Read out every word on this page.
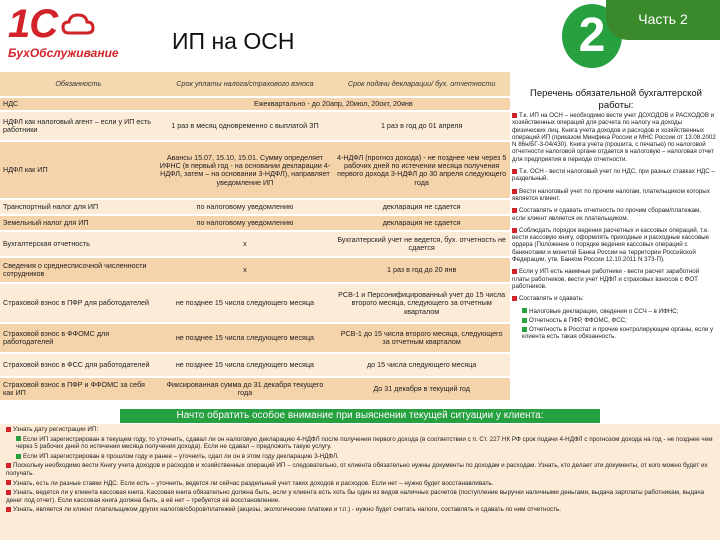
1С
БухОбслуживание	ИП на ОСН	2	Часть 2
Обязанность	Срок уплаты налога/страхового взноса	Срок подачи декларации/ бух. отчетности
НДС	Ежеквартально - до 20апр, 20июл, 20окт, 20янв	
НДФЛ как налоговый агент – если у ИП есть работники	1 раз в месяц одновременно с выплатой ЗП	1 раз в год до 01 апреля
НДФЛ как ИП	Авансы 15.07, 15.10, 15.01. Сумму определяет ИФНС (в первый год - на основании декларации 4-НДФЛ, затем – на основании 3-НДФЛ), направляет уведомление ИП	4-НДФЛ (прогноз дохода) - не позднее чем через 5 рабочих дней по истечении месяца получения первого дохода 3-НДФЛ до 30 апреля следующего года
Транспортный налог для ИП	по налоговому уведомлению	декларация не сдается
Земельный налог для ИП	по налоговому уведомлению	декларация не сдается
Бухгалтерская отчетность	х	Бухгалтерский учет не ведется, бух. отчетность не сдается
Сведения о среднесписочной численности сотрудников	х	1 раз в год до 20 янв
Страховой взнос в ПФР для работодателей	не позднее 15 числа следующего месяца	РСВ-1 и Персонифицированный учет до 15 числа второго месяца, следующего за отчетным кварталом
Страховой взнос в ФФОМС для работодателей	не позднее 15 числа следующего месяца	РСВ-1 до 15 числа второго месяца, следующего за отчетным кварталом
Страховой взнос в ФСС для работодателей	не позднее 15 числа следующего месяца	до 15 числа следующего месяца
Страховой взнос в ПФР и ФФОМС за себя как ИП	Фиксированная сумма до 31 декабря текущего года	До 31 декабря в текущий год
Перечень обязательной бухгалтерской работы:
Т.к. ИП на ОСН – необходимо вести учет ДОХОДОВ и РАСХОДОВ и хозяйственных операций для расчета по налогу на доходы физических лиц. Книга учета доходов и расходов и хозяйственных операций ИП (приказом Минфина России и МНС России от 13.08.2002 N 86н/БГ-3-04/430). Книга учета (прошита, с печатью) по налоговой отчетности налоговой органе отдается в налоговую – налоговая отчет для предприятия в периоде отчетности.
Т.к. ОСН - вести налоговый учет по НДС, при разных ставках НДС – раздельный.
Вести налоговый учет по прочим налогам, плательщиком которых является клиент.
Составлять и сдавать отчетность по прочим сборам/платежам, если клиент является их плательщиком.
Соблюдать порядок ведения расчетных и кассовых операций, т.е. вести кассовую книгу, оформлять приходные и расходные кассовые ордера (Положение о порядке ведения кассовых операций с банкнотами и монетой Банка России на территории Российской Федерации, утв. Банком России 12.10.2011 N 373-П).
Если у ИП есть наемные работники - вести расчет заработной платы работников, вести учет НДФЛ и страховых взносов с ФОТ работников.
Составлять и сдавать:
Налоговые декларации, сведения о ССЧ – в ИФНС;
Отчетность в ПФР, ФФОМС, ФСС;
Отчетность в Росстат и прочие контролирующие органы, если у клиента есть такая обязанность.
Начто обратить особое внимание при выяснении текущей ситуации у клиента:
Узнать дату регистрации ИП:
Если ИП зарегистрирован в текущем году, то уточнить, сдавал ли он налоговую декларацию 4-НДФЛ после получения первого дохода (в соответствии с п. Ст. 227 НК РФ срок подачи 4-НДФЛ с прогнозом дохода на год - не позднее чем через 5 рабочих дней по истечении месяца получения дохода). Если не сдавал – предложить такую услугу.
Если ИП зарегистрирован в прошлом году и ранее – уточнить, сдал ли он в этом году декларацию 3-НДФЛ.
Поскольку необходимо вести Книгу учета доходов и расходов и хозяйственных операций ИП – следовательно, от клиента обязательно нужны документы по доходам и расходам. Узнать, кто делает эти документы, от кого можно будет их получать.
Узнать, есть ли разные ставки НДС. Если есть – уточнить, ведется ли сейчас раздельный учет таких доходов и расходов. Если нет – нужно будет восстанавливать.
Узнать, ведется ли у клиента кассовая книга. Кассовая книга обязательно должна быть, если у клиента есть хоть бы один из видов наличных расчетов (поступление выручки наличными деньгами, выдача зарплаты работникам, выдача денег под отчет). Если кассовая книга должна быть, а её нет – требуется её восстановление.
Узнать, является ли клиент плательщиком других налогов/сборов/платежей (акцизы, экологические платежи и т.п.) - нужно будет считать налоги, составлять и сдавать по ним отчетность.
